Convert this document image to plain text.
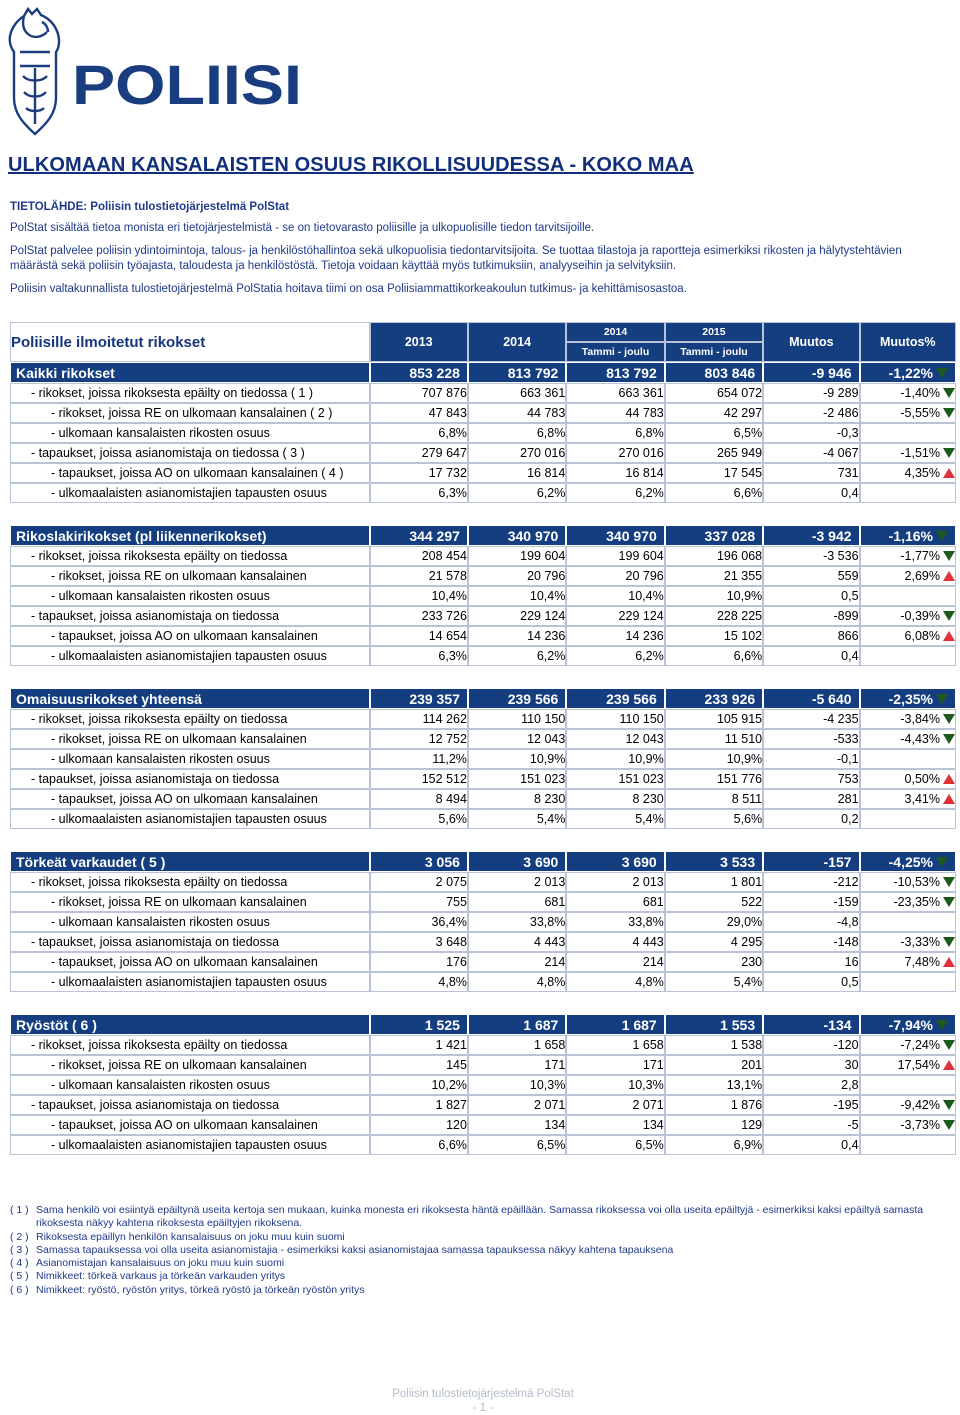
POLIISI
ULKOMAAN KANSALAISTEN OSUUS RIKOLLISUUDESSA - KOKO MAA

TIETOLÄHDE: Poliisin tulostietojärjestelmä PolStat

PolStat sisältää tietoa monista eri tietojärjestelmistä - se on tietovarasto poliisille ja ulkopuolisille tiedon tarvitsijoille.

PolStat palvelee poliisin ydintoimintoja, talous- ja henkilöstöhallintoa sekä ulkopuolisia tiedontarvitsijoita. Se tuottaa tilastoja ja raportteja esimerkiksi rikosten ja hälytystehtävien määrästä sekä poliisin työajasta, taloudesta ja henkilöstöstä. Tietoja voidaan käyttää myös tutkimuksiin, analyyseihin ja selvityksiin.

Poliisin valtakunnallista tulostietojärjestelmä PolStatia hoitava tiimi on osa Poliisiammattikorkeakoulun tutkimus- ja kehittämisosastoa.

Poliisille ilmoitetut rikokset	2013	2014	2014	2015	Muutos	Muutos%
			Tammi - joulu	Tammi - joulu		
Kaikki rikokset	853 228	813 792	813 792	803 846	-9 946	-1,22%

- rikokset, joissa rikoksesta epäilty on tiedossa ( 1 )	707 876	663 361	663 361	654 072	-9 289	-1,40%

- rikokset, joissa RE on ulkomaan kansalainen ( 2 )	47 843	44 783	44 783	42 297	-2 486	-5,55%

- ulkomaan kansalaisten rikosten osuus	6,8%	6,8%	6,8%	6,5%	-0,3	

- tapaukset, joissa asianomistaja on tiedossa ( 3 )	279 647	270 016	270 016	265 949	-4 067	-1,51%

- tapaukset, joissa AO on ulkomaan kansalainen ( 4 )	17 732	16 814	16 814	17 545	731	4,35%

- ulkomaalaisten asianomistajien tapausten osuus	6,3%	6,2%	6,2%	6,6%	0,4	

Rikoslakirikokset (pl liikennerikokset)	344 297	340 970	340 970	337 028	-3 942	-1,16%

- rikokset, joissa rikoksesta epäilty on tiedossa	208 454	199 604	199 604	196 068	-3 536	-1,77%

- rikokset, joissa RE on ulkomaan kansalainen	21 578	20 796	20 796	21 355	559	2,69%

- ulkomaan kansalaisten rikosten osuus	10,4%	10,4%	10,4%	10,9%	0,5	

- tapaukset, joissa asianomistaja on tiedossa	233 726	229 124	229 124	228 225	-899	-0,39%

- tapaukset, joissa AO on ulkomaan kansalainen	14 654	14 236	14 236	15 102	866	6,08%

- ulkomaalaisten asianomistajien tapausten osuus	6,3%	6,2%	6,2%	6,6%	0,4	

Omaisuusrikokset yhteensä	239 357	239 566	239 566	233 926	-5 640	-2,35%

- rikokset, joissa rikoksesta epäilty on tiedossa	114 262	110 150	110 150	105 915	-4 235	-3,84%

- rikokset, joissa RE on ulkomaan kansalainen	12 752	12 043	12 043	11 510	-533	-4,43%

- ulkomaan kansalaisten rikosten osuus	11,2%	10,9%	10,9%	10,9%	-0,1	

- tapaukset, joissa asianomistaja on tiedossa	152 512	151 023	151 023	151 776	753	0,50%

- tapaukset, joissa AO on ulkomaan kansalainen	8 494	8 230	8 230	8 511	281	3,41%

- ulkomaalaisten asianomistajien tapausten osuus	5,6%	5,4%	5,4%	5,6%	0,2	

Törkeät varkaudet ( 5 )	3 056	3 690	3 690	3 533	-157	-4,25%

- rikokset, joissa rikoksesta epäilty on tiedossa	2 075	2 013	2 013	1 801	-212	-10,53%

- rikokset, joissa RE on ulkomaan kansalainen	755	681	681	522	-159	-23,35%

- ulkomaan kansalaisten rikosten osuus	36,4%	33,8%	33,8%	29,0%	-4,8	

- tapaukset, joissa asianomistaja on tiedossa	3 648	4 443	4 443	4 295	-148	-3,33%

- tapaukset, joissa AO on ulkomaan kansalainen	176	214	214	230	16	7,48%

- ulkomaalaisten asianomistajien tapausten osuus	4,8%	4,8%	4,8%	5,4%	0,5	

Ryöstöt ( 6 )	1 525	1 687	1 687	1 553	-134	-7,94%

- rikokset, joissa rikoksesta epäilty on tiedossa	1 421	1 658	1 658	1 538	-120	-7,24%

- rikokset, joissa RE on ulkomaan kansalainen	145	171	171	201	30	17,54%

- ulkomaan kansalaisten rikosten osuus	10,2%	10,3%	10,3%	13,1%	2,8	

- tapaukset, joissa asianomistaja on tiedossa	1 827	2 071	2 071	1 876	-195	-9,42%

- tapaukset, joissa AO on ulkomaan kansalainen	120	134	134	129	-5	-3,73%

- ulkomaalaisten asianomistajien tapausten osuus	6,6%	6,5%	6,5%	6,9%	0,4	
( 1 ) Sama henkilö voi esiintyä epäiltynä useita kertoja sen mukaan, kuinka monesta eri rikoksesta häntä epäillään. Samassa rikoksessa voi olla useita epäiltyjä - esimerkiksi kaksi epäiltyä samasta rikoksesta näkyy kahtena rikoksesta epäiltyjen rikoksena.
( 2 ) Rikoksesta epäillyn henkilön kansalaisuus on joku muu kuin suomi
( 3 ) Samassa tapauksessa voi olla useita asianomistajia - esimerkiksi kaksi asianomistajaa samassa tapauksessa näkyy kahtena tapauksena
( 4 ) Asianomistajan kansalaisuus on joku muu kuin suomi
( 5 ) Nimikkeet: törkeä varkaus ja törkeän varkauden yritys
( 6 ) Nimikkeet: ryöstö, ryöstön yritys, törkeä ryöstö ja törkeän ryöstön yritys
Poliisin tulostietojärjestelmä PolStat
- 1 -
